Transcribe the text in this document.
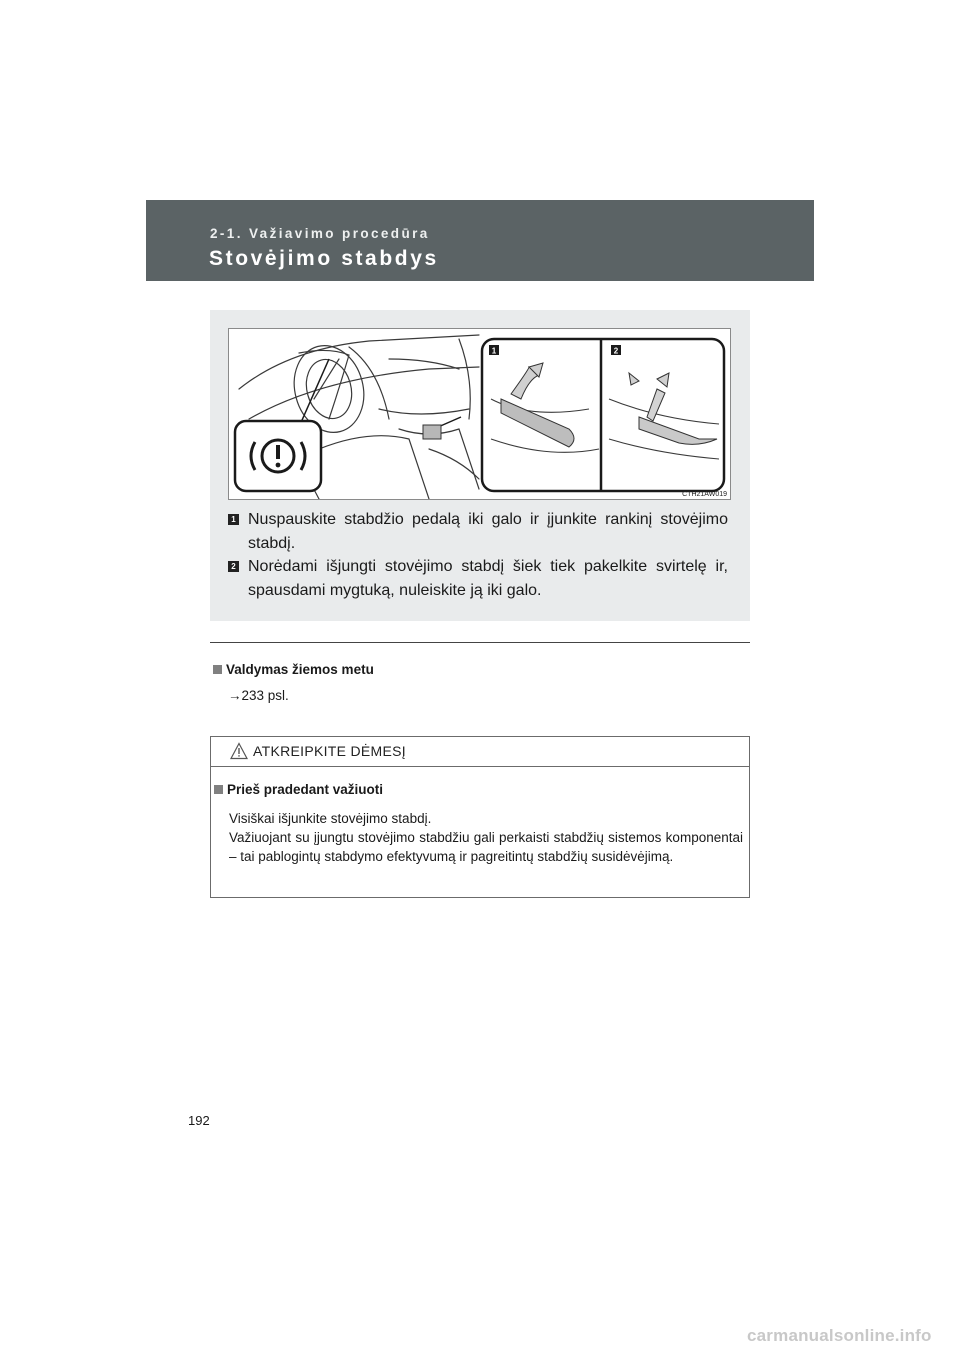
2-1. Važiavimo procedūra
Stovėjimo stabdys
1	2
CTH21AW019
1 Nuspauskite stabdžio pedalą iki galo ir įjunkite rankinį stovėjimo stabdį.
2 Norėdami išjungti stovėjimo stabdį šiek tiek pakelkite svirtelę ir, spausdami mygtuką, nuleiskite ją iki galo.
Valdymas žiemos metu
→233 psl.
ATKREIPKITE DĖMESĮ
Prieš pradedant važiuoti

Visiškai išjunkite stovėjimo stabdį.

Važiuojant su įjungtu stovėjimo stabdžiu gali perkaisti stabdžių sistemos komponentai – tai pablogintų stabdymo efektyvumą ir pagreitintų stabdžių susidėvėjimą.

192
carmanualsonline.info
